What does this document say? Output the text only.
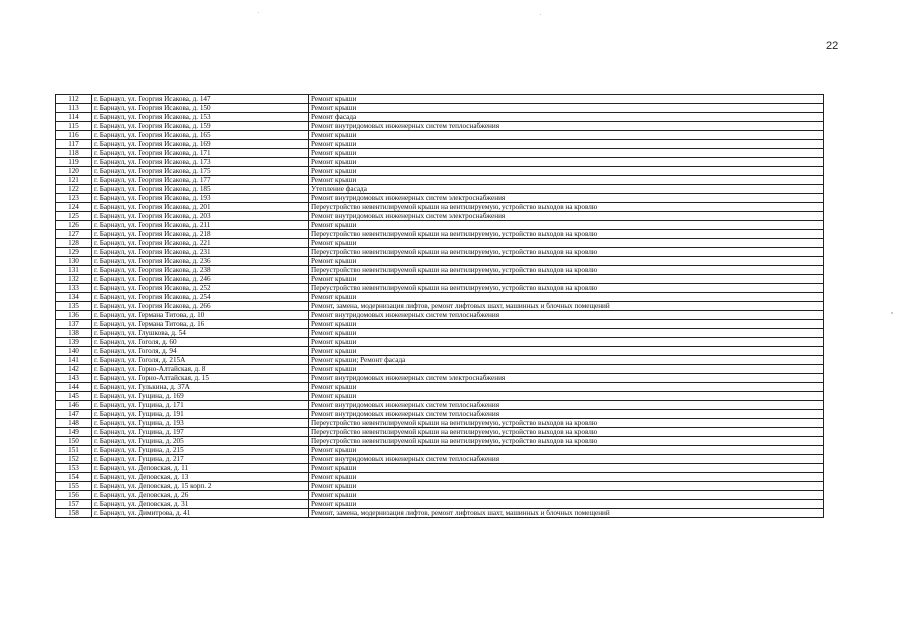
22
112	г. Барнаул, ул. Георгия Исакова, д. 147	Ремонт крыши
113	г. Барнаул, ул. Георгия Исакова, д. 150	Ремонт крыши
114	г. Барнаул, ул. Георгия Исакова, д. 153	Ремонт фасада
115	г. Барнаул, ул. Георгия Исакова, д. 159	Ремонт внутридомовых инженерных систем теплоснабжения
116	г. Барнаул, ул. Георгия Исакова, д. 165	Ремонт крыши
117	г. Барнаул, ул. Георгия Исакова, д. 169	Ремонт крыши
118	г. Барнаул, ул. Георгия Исакова, д. 171	Ремонт крыши
119	г. Барнаул, ул. Георгия Исакова, д. 173	Ремонт крыши
120	г. Барнаул, ул. Георгия Исакова, д. 175	Ремонт крыши
121	г. Барнаул, ул. Георгия Исакова, д. 177	Ремонт крыши
122	г. Барнаул, ул. Георгия Исакова, д. 185	Утепление фасада
123	г. Барнаул, ул. Георгия Исакова, д. 193	Ремонт внутридомовых инженерных систем электроснабжения
124	г. Барнаул, ул. Георгия Исакова, д. 201	Переустройство невентилируемой крыши на вентилируемую, устройство выходов на кровлю
125	г. Барнаул, ул. Георгия Исакова, д. 203	Ремонт внутридомовых инженерных систем электроснабжения
126	г. Барнаул, ул. Георгия Исакова, д. 211	Ремонт крыши
127	г. Барнаул, ул. Георгия Исакова, д. 218	Переустройство невентилируемой крыши на вентилируемую, устройство выходов на кровлю
128	г. Барнаул, ул. Георгия Исакова, д. 221	Ремонт крыши
129	г. Барнаул, ул. Георгия Исакова, д. 231	Переустройство невентилируемой крыши на вентилируемую, устройство выходов на кровлю
130	г. Барнаул, ул. Георгия Исакова, д. 236	Ремонт крыши
131	г. Барнаул, ул. Георгия Исакова, д. 238	Переустройство невентилируемой крыши на вентилируемую, устройство выходов на кровлю
132	г. Барнаул, ул. Георгия Исакова, д. 246	Ремонт крыши
133	г. Барнаул, ул. Георгия Исакова, д. 252	Переустройство невентилируемой крыши на вентилируемую, устройство выходов на кровлю
134	г. Барнаул, ул. Георгия Исакова, д. 254	Ремонт крыши
135	г. Барнаул, ул. Георгия Исакова, д. 266	Ремонт, замена, модернизация лифтов, ремонт лифтовых шахт, машинных и блочных помещений
136	г. Барнаул, ул. Германа Титова, д. 10	Ремонт внутридомовых инженерных систем теплоснабжения
137	г. Барнаул, ул. Германа Титова, д. 16	Ремонт крыши
138	г. Барнаул, ул. Глушкова, д. 54	Ремонт крыши
139	г. Барнаул, ул. Гоголя, д. 60	Ремонт крыши
140	г. Барнаул, ул. Гоголя, д. 94	Ремонт крыши
141	г. Барнаул, ул. Гоголя, д. 215А	Ремонт крыши; Ремонт фасада
142	г. Барнаул, ул. Горно-Алтайская, д. 8	Ремонт крыши
143	г. Барнаул, ул. Горно-Алтайская, д. 15	Ремонт внутридомовых инженерных систем электроснабжения
144	г. Барнаул, ул. Гулькина, д. 37А	Ремонт крыши
145	г. Барнаул, ул. Гущина, д. 169	Ремонт крыши
146	г. Барнаул, ул. Гущина, д. 171	Ремонт внутридомовых инженерных систем теплоснабжения
147	г. Барнаул, ул. Гущина, д. 191	Ремонт внутридомовых инженерных систем теплоснабжения
148	г. Барнаул, ул. Гущина, д. 193	Переустройство невентилируемой крыши на вентилируемую, устройство выходов на кровлю
149	г. Барнаул, ул. Гущина, д. 197	Переустройство невентилируемой крыши на вентилируемую, устройство выходов на кровлю
150	г. Барнаул, ул. Гущина, д. 205	Переустройство невентилируемой крыши на вентилируемую, устройство выходов на кровлю
151	г. Барнаул, ул. Гущина, д. 215	Ремонт крыши
152	г. Барнаул, ул. Гущина, д. 217	Ремонт внутридомовых инженерных систем теплоснабжения
153	г. Барнаул, ул. Деповская, д. 11	Ремонт крыши
154	г. Барнаул, ул. Деповская, д. 13	Ремонт крыши
155	г. Барнаул, ул. Деповская, д. 15 корп. 2	Ремонт крыши
156	г. Барнаул, ул. Деповская, д. 26	Ремонт крыши
157	г. Барнаул, ул. Деповская, д. 31	Ремонт крыши
158	г. Барнаул, ул. Димитрова, д. 41	Ремонт, замена, модернизация лифтов, ремонт лифтовых шахт, машинных и блочных помещений
